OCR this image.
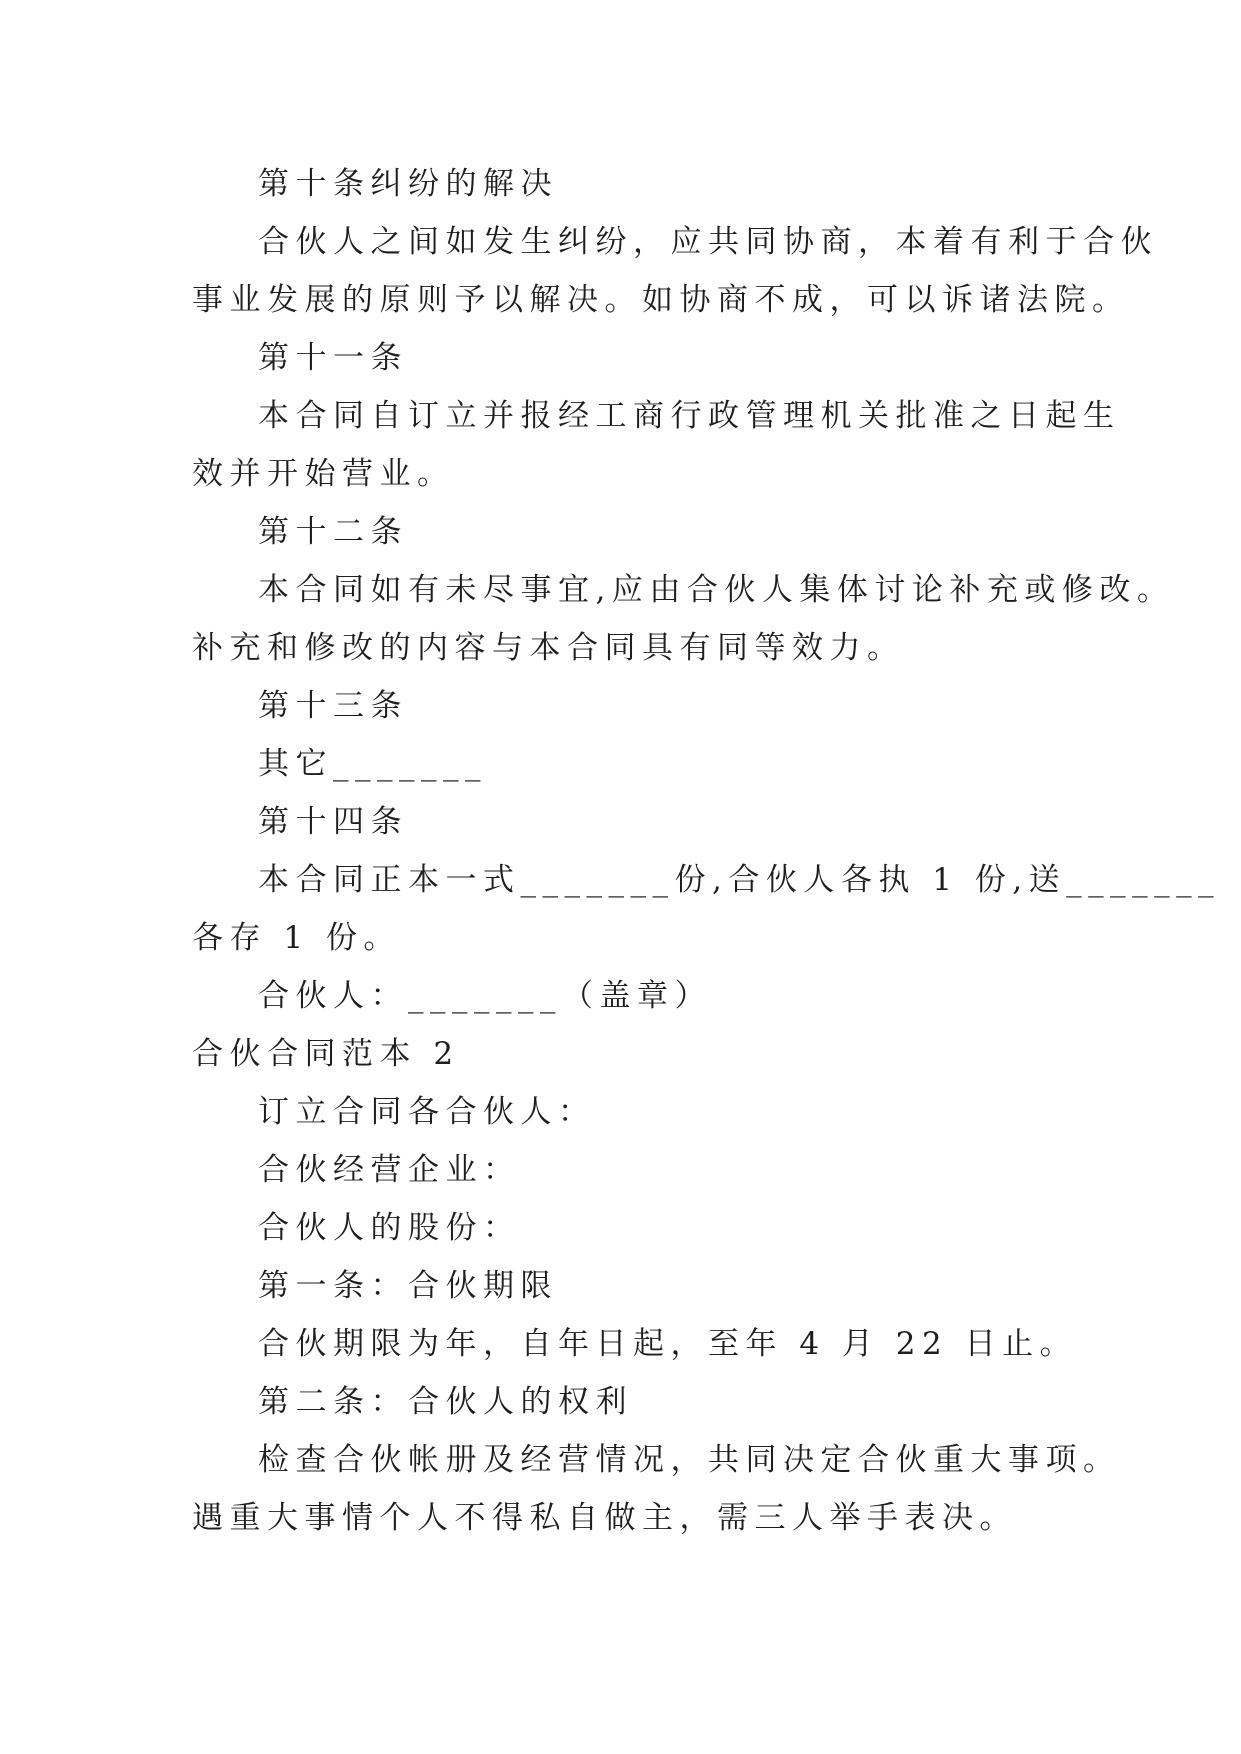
第十条纠纷的解决
合伙人之间如发生纠纷，应共同协商，本着有利于合伙
事业发展的原则予以解决。如协商不成，可以诉诸法院。
第十一条
本合同自订立并报经工商行政管理机关批准之日起生
效并开始营业。
第十二条
本合同如有未尽事宜,应由合伙人集体讨论补充或修改。
补充和修改的内容与本合同具有同等效力。
第十三条
其它_______
第十四条
本合同正本一式_______份,合伙人各执 1 份,送_______
各存 1 份。
合伙人：_______（盖章）
合伙合同范本 2
订立合同各合伙人：
合伙经营企业：
合伙人的股份：
第一条：合伙期限
合伙期限为年，自年日起，至年 4 月 22 日止。
第二条：合伙人的权利
检查合伙帐册及经营情况，共同决定合伙重大事项。
遇重大事情个人不得私自做主，需三人举手表决。
